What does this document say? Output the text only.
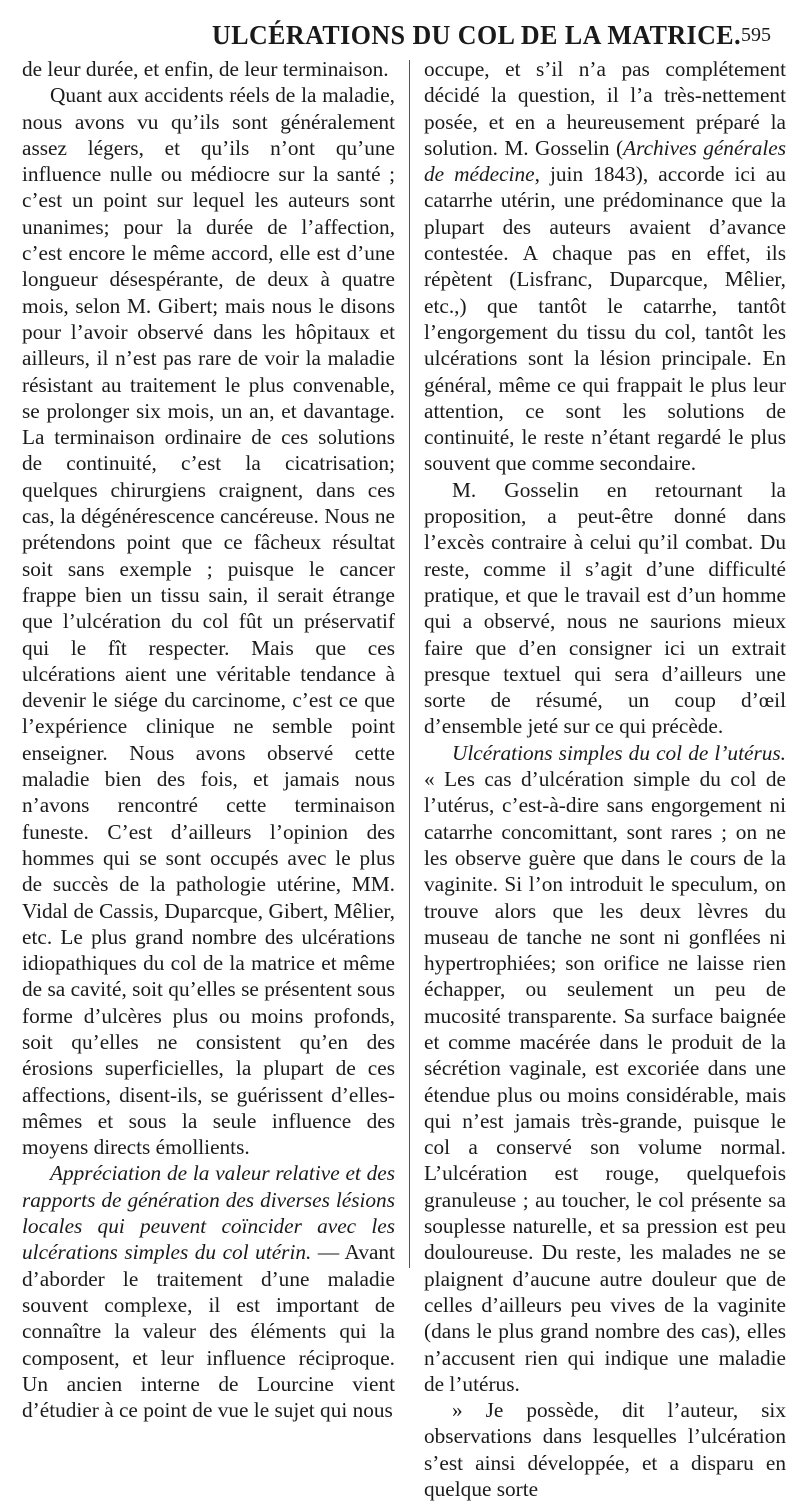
ULCÉRATIONS DU COL DE LA MATRICE. 595

de leur durée, et enfin, de leur terminaison.

Quant aux accidents réels de la maladie, nous avons vu qu’ils sont généralement assez légers, et qu’ils n’ont qu’une influence nulle ou médiocre sur la santé ; c’est un point sur lequel les auteurs sont unanimes; pour la durée de l’affection, c’est encore le même accord, elle est d’une longueur désespérante, de deux à quatre mois, selon M. Gibert; mais nous le disons pour l’avoir observé dans les hôpitaux et ailleurs, il n’est pas rare de voir la maladie résistant au traitement le plus convenable, se prolonger six mois, un an, et davantage. La terminaison ordinaire de ces solutions de continuité, c’est la cicatrisation; quelques chirurgiens craignent, dans ces cas, la dégénérescence cancéreuse. Nous ne prétendons point que ce fâcheux résultat soit sans exemple ; puisque le cancer frappe bien un tissu sain, il serait étrange que l’ulcération du col fût un préservatif qui le fît respecter. Mais que ces ulcérations aient une véritable tendance à devenir le siége du carcinome, c’est ce que l’expérience clinique ne semble point enseigner. Nous avons observé cette maladie bien des fois, et jamais nous n’avons rencontré cette terminaison funeste. C’est d’ailleurs l’opinion des hommes qui se sont occupés avec le plus de succès de la pathologie utérine, MM. Vidal de Cassis, Duparcque, Gibert, Mêlier, etc. Le plus grand nombre des ulcérations idiopathiques du col de la matrice et même de sa cavité, soit qu’elles se présentent sous forme d’ulcères plus ou moins profonds, soit qu’elles ne consistent qu’en des érosions superficielles, la plupart de ces affections, disent-ils, se guérissent d’elles-mêmes et sous la seule influence des moyens directs émollients.

Appréciation de la valeur relative et des rapports de génération des diverses lésions locales qui peuvent coïncider avec les ulcérations simples du col utérin. — Avant d’aborder le traitement d’une maladie souvent complexe, il est important de connaître la valeur des éléments qui la composent, et leur influence réciproque. Un ancien interne de Lourcine vient d’étudier à ce point de vue le sujet qui nous

occupe, et s’il n’a pas complétement décidé la question, il l’a très-nettement posée, et en a heureusement préparé la solution. M. Gosselin (Archives générales de médecine, juin 1843), accorde ici au catarrhe utérin, une prédominance que la plupart des auteurs avaient d’avance contestée. A chaque pas en effet, ils répètent (Lisfranc, Duparcque, Mêlier, etc.,) que tantôt le catarrhe, tantôt l’engorgement du tissu du col, tantôt les ulcérations sont la lésion principale. En général, même ce qui frappait le plus leur attention, ce sont les solutions de continuité, le reste n’étant regardé le plus souvent que comme secondaire.

M. Gosselin en retournant la proposition, a peut-être donné dans l’excès contraire à celui qu’il combat. Du reste, comme il s’agit d’une difficulté pratique, et que le travail est d’un homme qui a observé, nous ne saurions mieux faire que d’en consigner ici un extrait presque textuel qui sera d’ailleurs une sorte de résumé, un coup d’œil d’ensemble jeté sur ce qui précède.

Ulcérations simples du col de l’utérus. « Les cas d’ulcération simple du col de l’utérus, c’est-à-dire sans engorgement ni catarrhe concomittant, sont rares ; on ne les observe guère que dans le cours de la vaginite. Si l’on introduit le speculum, on trouve alors que les deux lèvres du museau de tanche ne sont ni gonflées ni hypertrophiées; son orifice ne laisse rien échapper, ou seulement un peu de mucosité transparente. Sa surface baignée et comme macérée dans le produit de la sécrétion vaginale, est excoriée dans une étendue plus ou moins considérable, mais qui n’est jamais très-grande, puisque le col a conservé son volume normal. L’ulcération est rouge, quelquefois granuleuse ; au toucher, le col présente sa souplesse naturelle, et sa pression est peu douloureuse. Du reste, les malades ne se plaignent d’aucune autre douleur que de celles d’ailleurs peu vives de la vaginite (dans le plus grand nombre des cas), elles n’accusent rien qui indique une maladie de l’utérus.

» Je possède, dit l’auteur, six observations dans lesquelles l’ulcération s’est ainsi développée, et a disparu en quelque sorte
